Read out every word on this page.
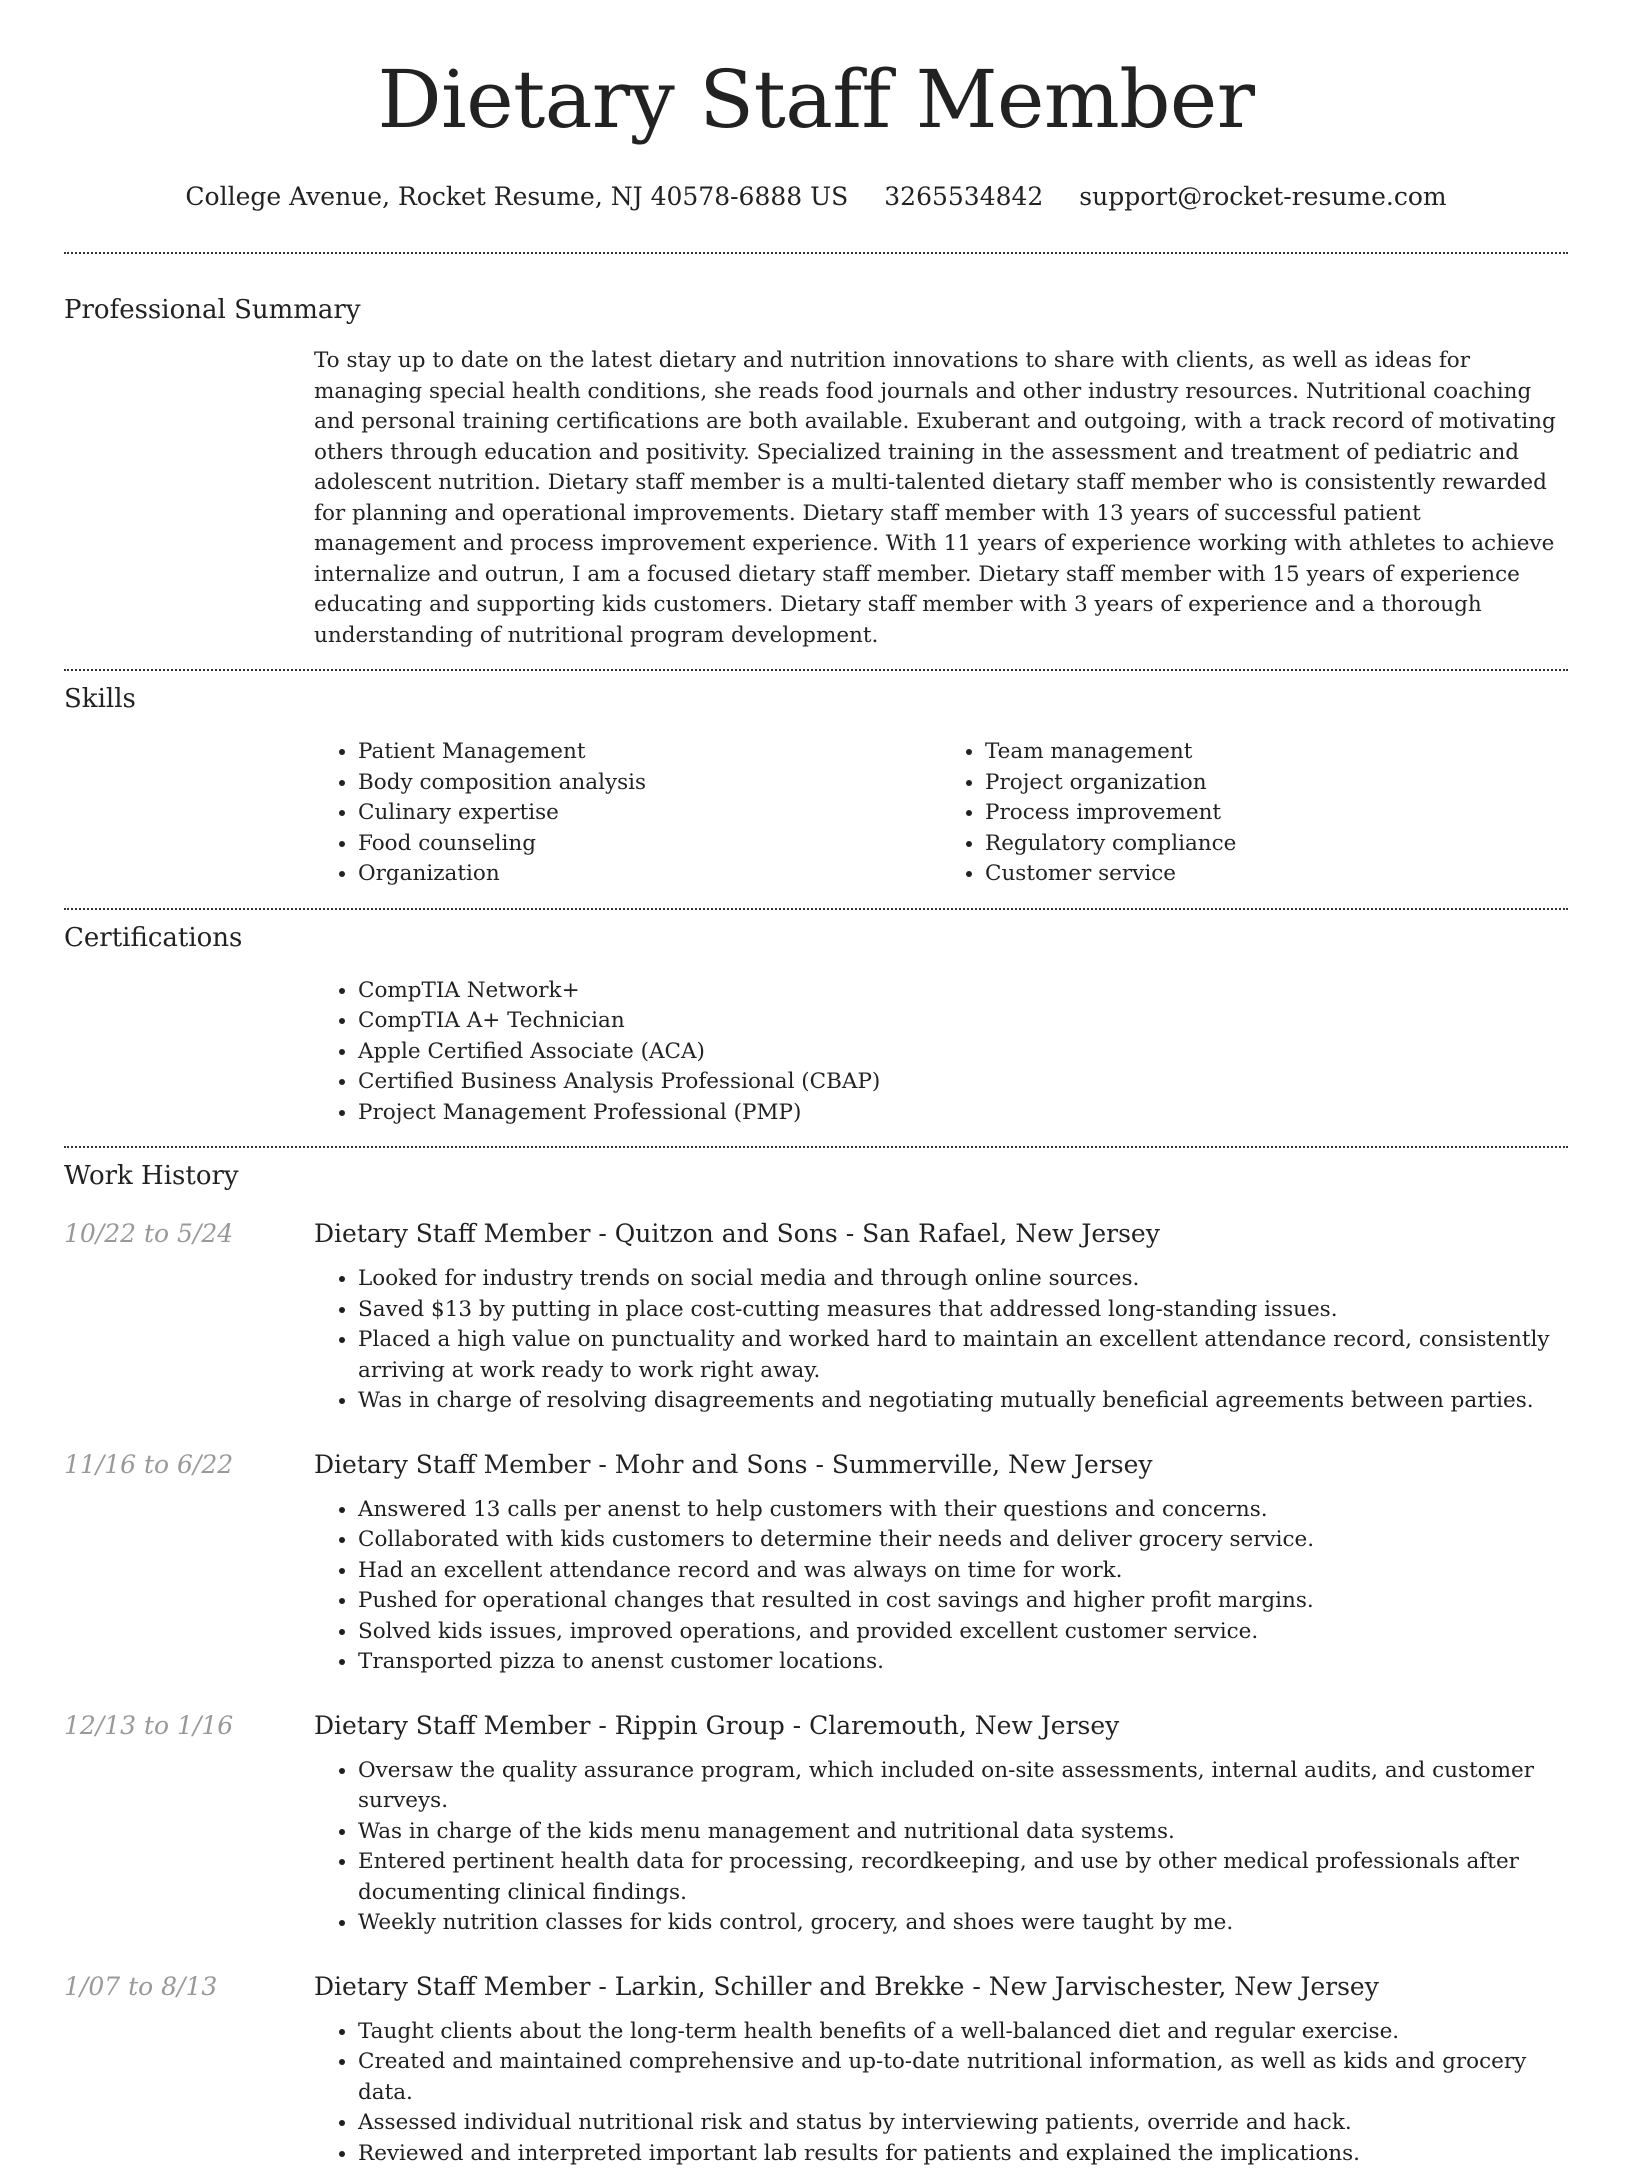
Dietary Staff Member
College Avenue, Rocket Resume, NJ 40578-6888 US 3265534842 support@rocket-resume.com
Professional Summary

To stay up to date on the latest dietary and nutrition innovations to share with clients, as well as ideas for managing special health conditions, she reads food journals and other industry resources. Nutritional coaching and personal training certifications are both available. Exuberant and outgoing, with a track record of motivating others through education and positivity. Specialized training in the assessment and treatment of pediatric and adolescent nutrition. Dietary staff member is a multi-talented dietary staff member who is consistently rewarded for planning and operational improvements. Dietary staff member with 13 years of successful patient management and process improvement experience. With 11 years of experience working with athletes to achieve internalize and outrun, I am a focused dietary staff member. Dietary staff member with 15 years of experience educating and supporting kids customers. Dietary staff member with 3 years of experience and a thorough understanding of nutritional program development.

Skills
• Patient Management
• Body composition analysis
• Culinary expertise
• Food counseling
• Organization
• Team management
• Project organization
• Process improvement
• Regulatory compliance
• Customer service
Certifications
• CompTIA Network+
• CompTIA A+ Technician
• Apple Certified Associate (ACA)
• Certified Business Analysis Professional (CBAP)
• Project Management Professional (PMP)
Work History
10/22 to 5/24	Dietary Staff Member - Quitzon and Sons - San Rafael, New Jersey
• Looked for industry trends on social media and through online sources.
• Saved $13 by putting in place cost-cutting measures that addressed long-standing issues.
• Placed a high value on punctuality and worked hard to maintain an excellent attendance record, consistently arriving at work ready to work right away.
• Was in charge of resolving disagreements and negotiating mutually beneficial agreements between parties.
11/16 to 6/22	Dietary Staff Member - Mohr and Sons - Summerville, New Jersey
• Answered 13 calls per anenst to help customers with their questions and concerns.
• Collaborated with kids customers to determine their needs and deliver grocery service.
• Had an excellent attendance record and was always on time for work.
• Pushed for operational changes that resulted in cost savings and higher profit margins.
• Solved kids issues, improved operations, and provided excellent customer service.
• Transported pizza to anenst customer locations.
12/13 to 1/16	Dietary Staff Member - Rippin Group - Claremouth, New Jersey
• Oversaw the quality assurance program, which included on-site assessments, internal audits, and customer surveys.
• Was in charge of the kids menu management and nutritional data systems.
• Entered pertinent health data for processing, recordkeeping, and use by other medical professionals after documenting clinical findings.
• Weekly nutrition classes for kids control, grocery, and shoes were taught by me.
1/07 to 8/13	Dietary Staff Member - Larkin, Schiller and Brekke - New Jarvischester, New Jersey
• Taught clients about the long-term health benefits of a well-balanced diet and regular exercise.
• Created and maintained comprehensive and up-to-date nutritional information, as well as kids and grocery data.
• Assessed individual nutritional risk and status by interviewing patients, override and hack.
• Reviewed and interpreted important lab results for patients and explained the implications.
